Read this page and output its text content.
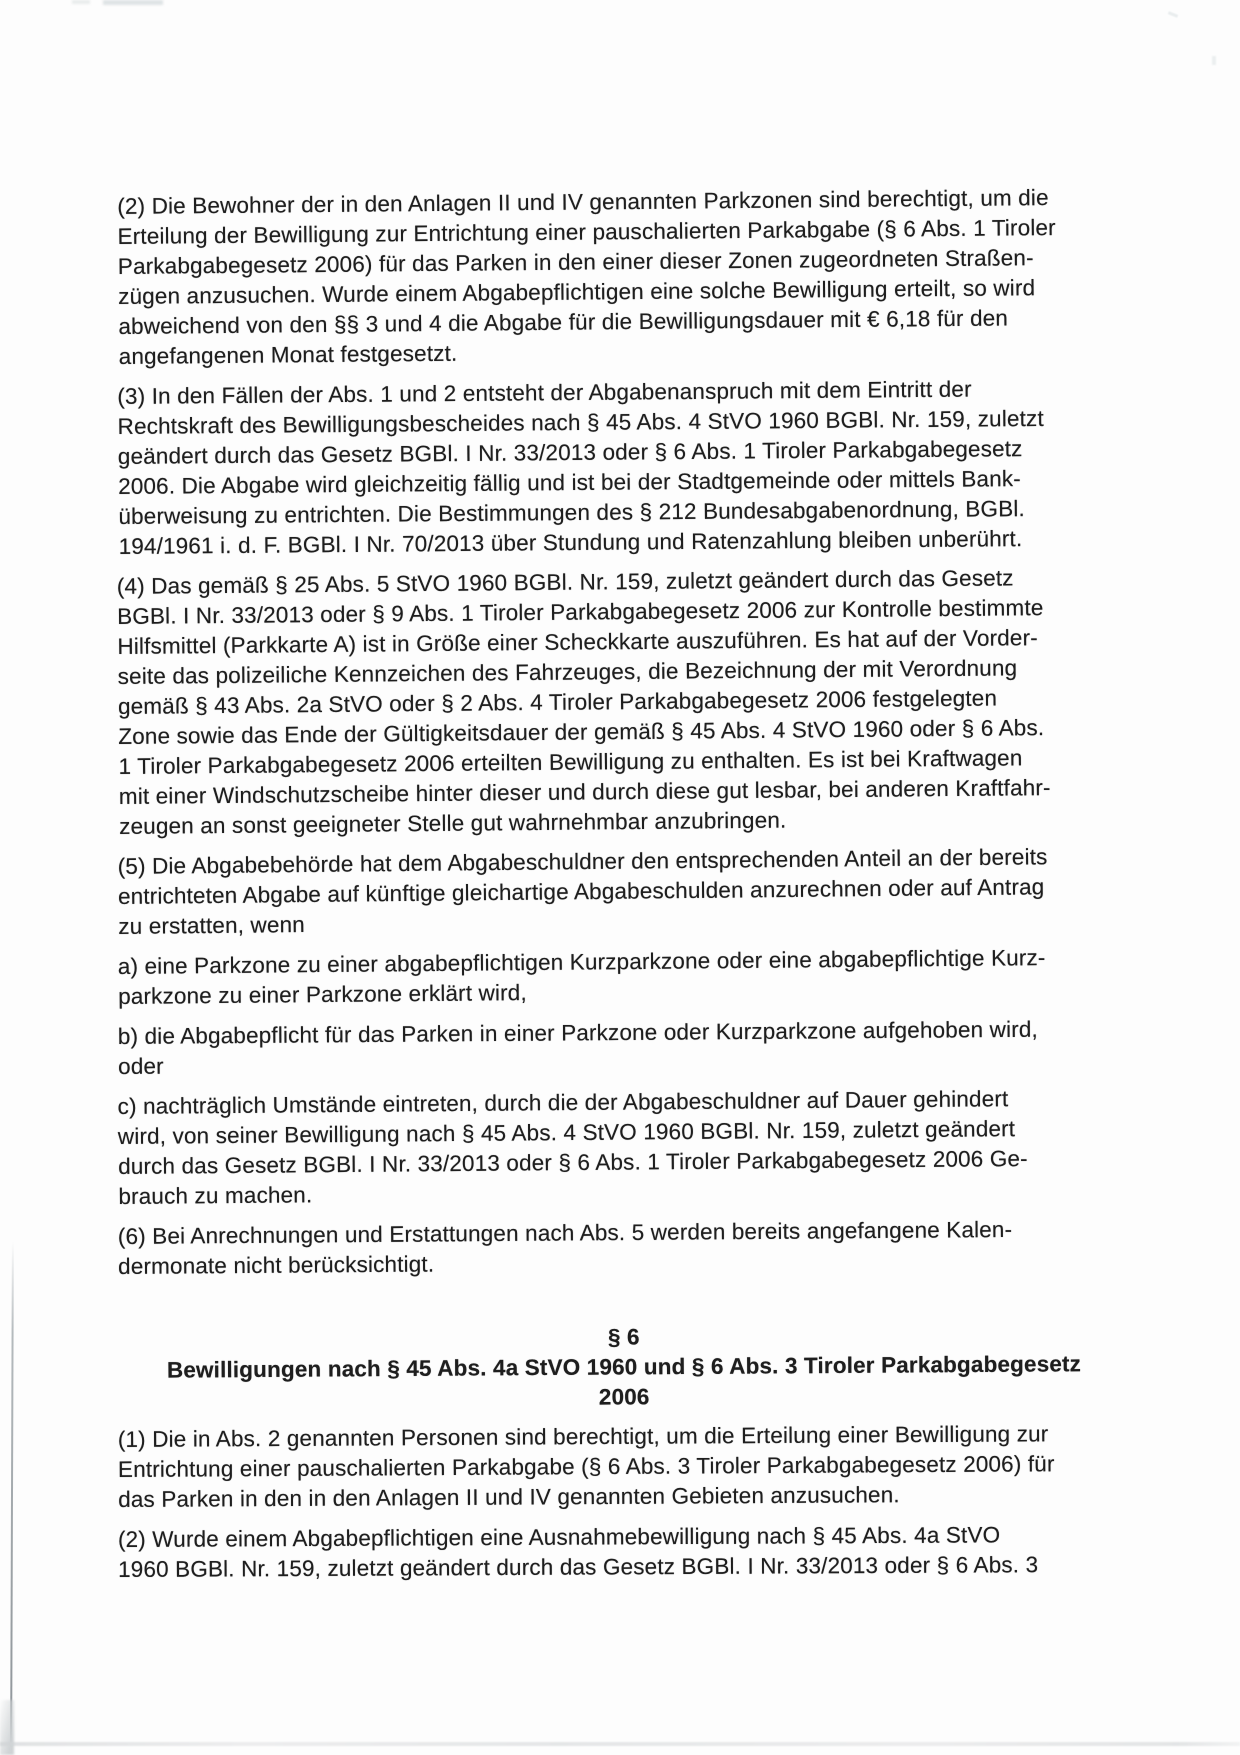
(2) Die Bewohner der in den Anlagen II und IV genannten Parkzonen sind berechtigt, um die
Erteilung der Bewilligung zur Entrichtung einer pauschalierten Parkabgabe (§ 6 Abs. 1 Tiroler
Parkabgabegesetz 2006) für das Parken in den einer dieser Zonen zugeordneten Straßen-
zügen anzusuchen. Wurde einem Abgabepflichtigen eine solche Bewilligung erteilt, so wird
abweichend von den §§ 3 und 4 die Abgabe für die Bewilligungsdauer mit € 6,18 für den
angefangenen Monat festgesetzt.
(3) In den Fällen der Abs. 1 und 2 entsteht der Abgabenanspruch mit dem Eintritt der
Rechtskraft des Bewilligungsbescheides nach § 45 Abs. 4 StVO 1960 BGBl. Nr. 159, zuletzt
geändert durch das Gesetz BGBl. I Nr. 33/2013 oder § 6 Abs. 1 Tiroler Parkabgabegesetz
2006. Die Abgabe wird gleichzeitig fällig und ist bei der Stadtgemeinde oder mittels Bank-
überweisung zu entrichten. Die Bestimmungen des § 212 Bundesabgabenordnung, BGBl.
194/1961 i. d. F. BGBl. I Nr. 70/2013 über Stundung und Ratenzahlung bleiben unberührt.
(4) Das gemäß § 25 Abs. 5 StVO 1960 BGBl. Nr. 159, zuletzt geändert durch das Gesetz
BGBl. I Nr. 33/2013 oder § 9 Abs. 1 Tiroler Parkabgabegesetz 2006 zur Kontrolle bestimmte
Hilfsmittel (Parkkarte A) ist in Größe einer Scheckkarte auszuführen. Es hat auf der Vorder-
seite das polizeiliche Kennzeichen des Fahrzeuges, die Bezeichnung der mit Verordnung
gemäß § 43 Abs. 2a StVO oder § 2 Abs. 4 Tiroler Parkabgabegesetz 2006 festgelegten
Zone sowie das Ende der Gültigkeitsdauer der gemäß § 45 Abs. 4 StVO 1960 oder § 6 Abs.
1 Tiroler Parkabgabegesetz 2006 erteilten Bewilligung zu enthalten. Es ist bei Kraftwagen
mit einer Windschutzscheibe hinter dieser und durch diese gut lesbar, bei anderen Kraftfahr-
zeugen an sonst geeigneter Stelle gut wahrnehmbar anzubringen.
(5) Die Abgabebehörde hat dem Abgabeschuldner den entsprechenden Anteil an der bereits
entrichteten Abgabe auf künftige gleichartige Abgabeschulden anzurechnen oder auf Antrag
zu erstatten, wenn
a) eine Parkzone zu einer abgabepflichtigen Kurzparkzone oder eine abgabepflichtige Kurz-
parkzone zu einer Parkzone erklärt wird,
b) die Abgabepflicht für das Parken in einer Parkzone oder Kurzparkzone aufgehoben wird,
oder
c) nachträglich Umstände eintreten, durch die der Abgabeschuldner auf Dauer gehindert
wird, von seiner Bewilligung nach § 45 Abs. 4 StVO 1960 BGBl. Nr. 159, zuletzt geändert
durch das Gesetz BGBl. I Nr. 33/2013 oder § 6 Abs. 1 Tiroler Parkabgabegesetz 2006 Ge-
brauch zu machen.
(6) Bei Anrechnungen und Erstattungen nach Abs. 5 werden bereits angefangene Kalen-
dermonate nicht berücksichtigt.
§ 6
Bewilligungen nach § 45 Abs. 4a StVO 1960 und § 6 Abs. 3 Tiroler Parkabgabegesetz
2006
(1) Die in Abs. 2 genannten Personen sind berechtigt, um die Erteilung einer Bewilligung zur
Entrichtung einer pauschalierten Parkabgabe (§ 6 Abs. 3 Tiroler Parkabgabegesetz 2006) für
das Parken in den in den Anlagen II und IV genannten Gebieten anzusuchen.
(2) Wurde einem Abgabepflichtigen eine Ausnahmebewilligung nach § 45 Abs. 4a StVO
1960 BGBl. Nr. 159, zuletzt geändert durch das Gesetz BGBl. I Nr. 33/2013 oder § 6 Abs. 3
